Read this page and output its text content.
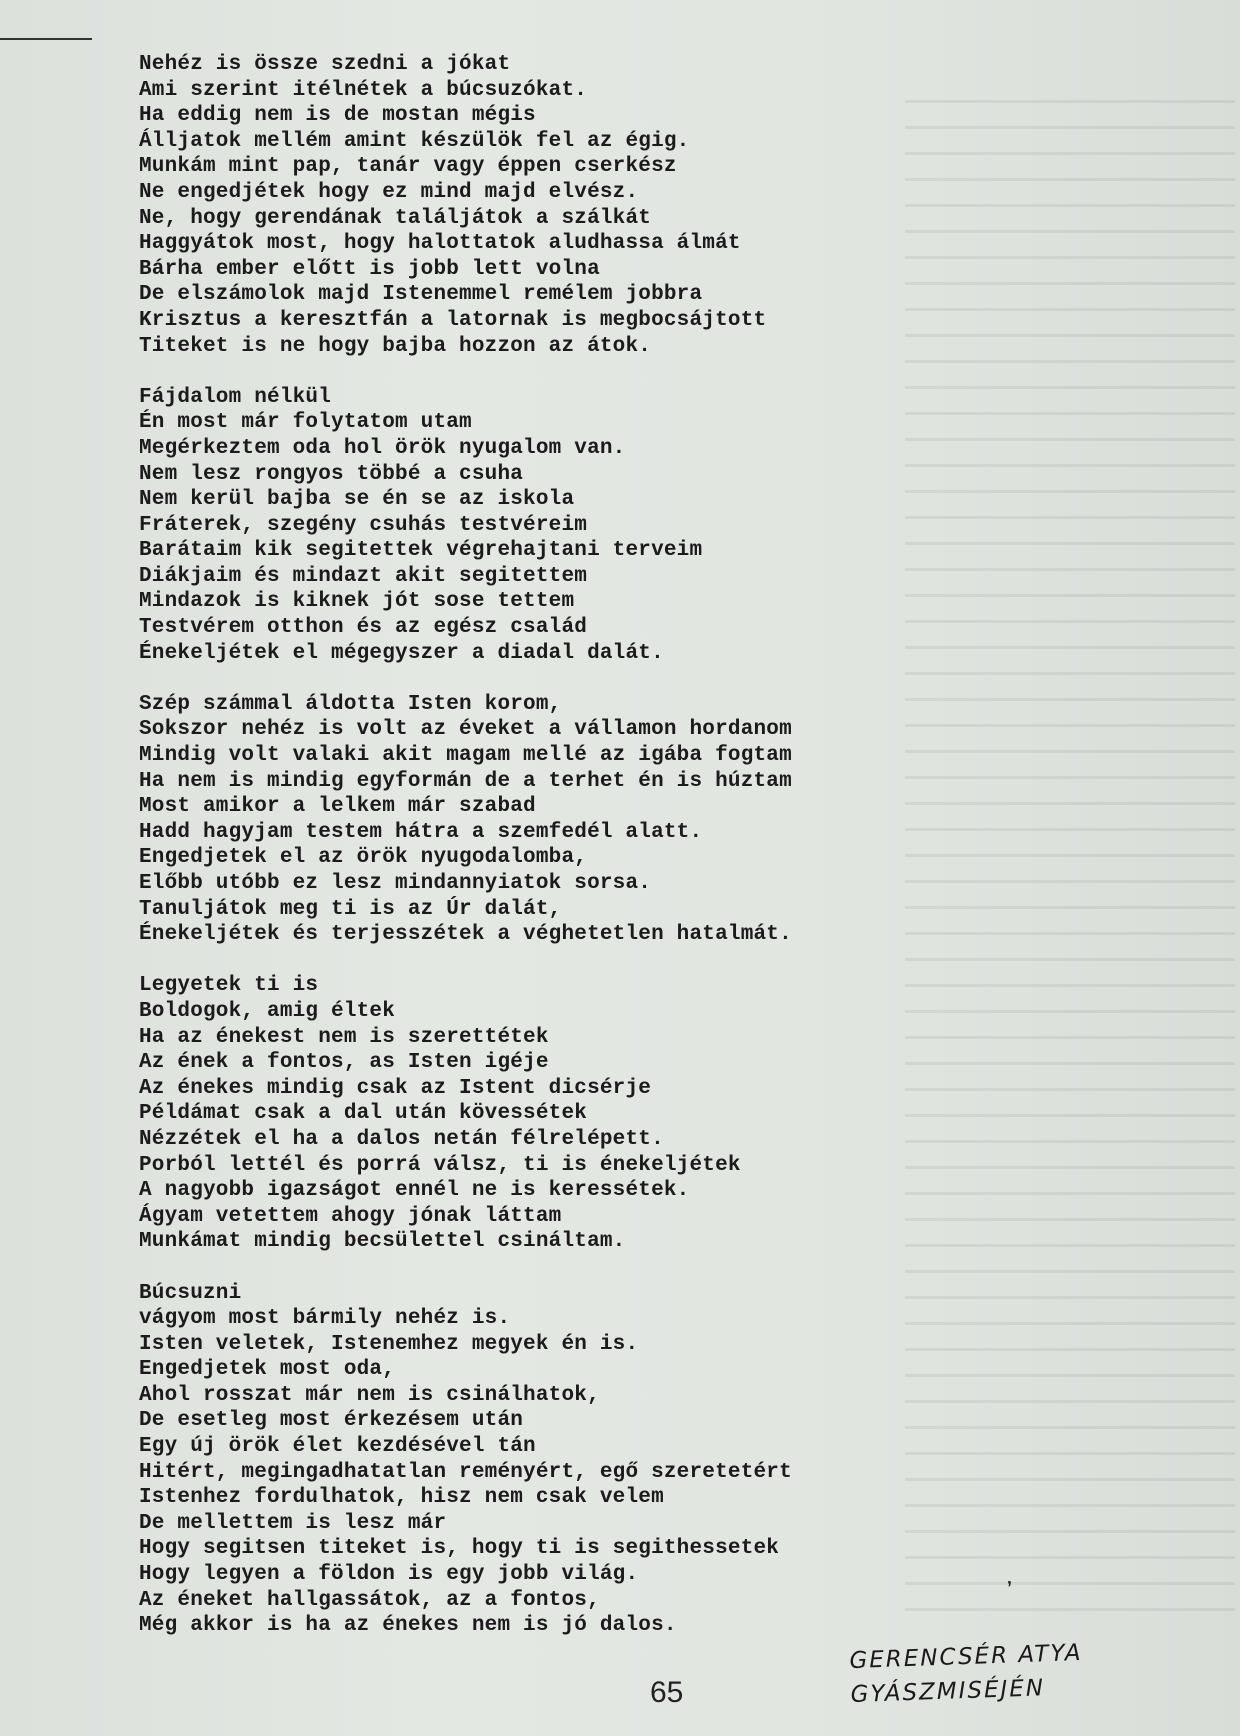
Nehéz is össze szedni a jókat
Ami szerint itélnétek a búcsuzókat.
Ha eddig nem is de mostan mégis
Álljatok mellém amint készülök fel az égig.
Munkám mint pap, tanár vagy éppen cserkész
Ne engedjétek hogy ez mind majd elvész.
Ne, hogy gerendának találjátok a szálkát
Haggyátok most, hogy halottatok aludhassa álmát
Bárha ember előtt is jobb lett volna
De elszámolok majd Istenemmel remélem jobbra
Krisztus a keresztfán a latornak is megbocsájtott
Titeket is ne hogy bajba hozzon az átok.
Fájdalom nélkül
Én most már folytatom utam
Megérkeztem oda hol örök nyugalom van.
Nem lesz rongyos többé a csuha
Nem kerül bajba se én se az iskola
Fráterek, szegény csuhás testvéreim
Barátaim kik segitettek végrehajtani terveim
Diákjaim és mindazt akit segitettem
Mindazok is kiknek jót sose tettem
Testvérem otthon és az egész család
Énekeljétek el mégegyszer a diadal dalát.
Szép számmal áldotta Isten korom,
Sokszor nehéz is volt az éveket a vállamon hordanom
Mindig volt valaki akit magam mellé az igába fogtam
Ha nem is mindig egyformán de a terhet én is húztam
Most amikor a lelkem már szabad
Hadd hagyjam testem hátra a szemfedél alatt.
Engedjetek el az örök nyugodalomba,
Előbb utóbb ez lesz mindannyiatok sorsa.
Tanuljátok meg ti is az Úr dalát,
Énekeljétek és terjesszétek a véghetetlen hatalmát.
Legyetek ti is
Boldogok, amig éltek
Ha az énekest nem is szerettétek
Az ének a fontos, as Isten igéje
Az énekes mindig csak az Istent dicsérje
Példámat csak a dal után kövessétek
Nézzétek el ha a dalos netán félrelépett.
Porból lettél és porrá válsz, ti is énekeljétek
A nagyobb igazságot ennél ne is keressétek.
Ágyam vetettem ahogy jónak láttam
Munkámat mindig becsülettel csináltam.
Búcsuzni
vágyom most bármily nehéz is.
Isten veletek, Istenemhez megyek én is.
Engedjetek most oda,
Ahol rosszat már nem is csinálhatok,
De esetleg most érkezésem után
Egy új örök élet kezdésével tán
Hitért, megingadhatatlan reményért, egő szeretetért
Istenhez fordulhatok, hisz nem csak velem
De mellettem is lesz már
Hogy segitsen titeket is, hogy ti is segithessetek
Hogy legyen a földon is egy jobb világ.
Az éneket hallgassátok, az a fontos,
Még akkor is ha az énekes nem is jó dalos.
ʼ
65
GERENCSÉR ATYA
GYÁSZMISÉJÉN
